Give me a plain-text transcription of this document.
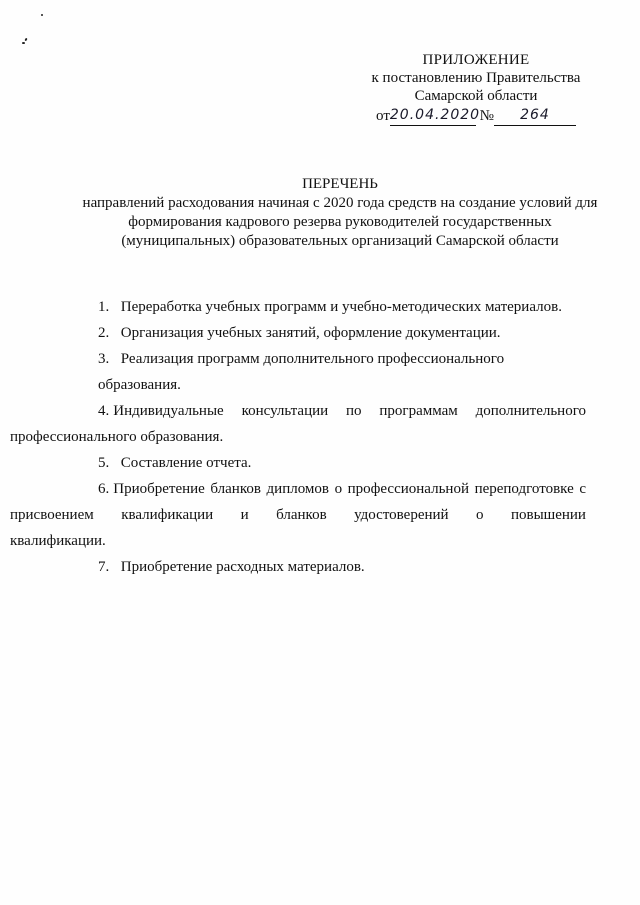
ПРИЛОЖЕНИЕ
к постановлению Правительства
Самарской области
от20.04.2020 № 264
ПЕРЕЧЕНЬ
направлений расходования начиная с 2020 года средств на создание условий для
формирования кадрового резерва руководителей государственных
(муниципальных) образовательных организаций Самарской области

1. Переработка учебных программ и учебно-методических материалов.

2. Организация учебных занятий, оформление документации.

3. Реализация программ дополнительного профессионального образования.

4. Индивидуальные консультации по программам дополнительного
профессионального образования.

5. Составление отчета.

6. Приобретение бланков дипломов о профессиональной переподготовке с
присвоением квалификации и бланков удостоверений о повышении
квалификации.

7. Приобретение расходных материалов.
